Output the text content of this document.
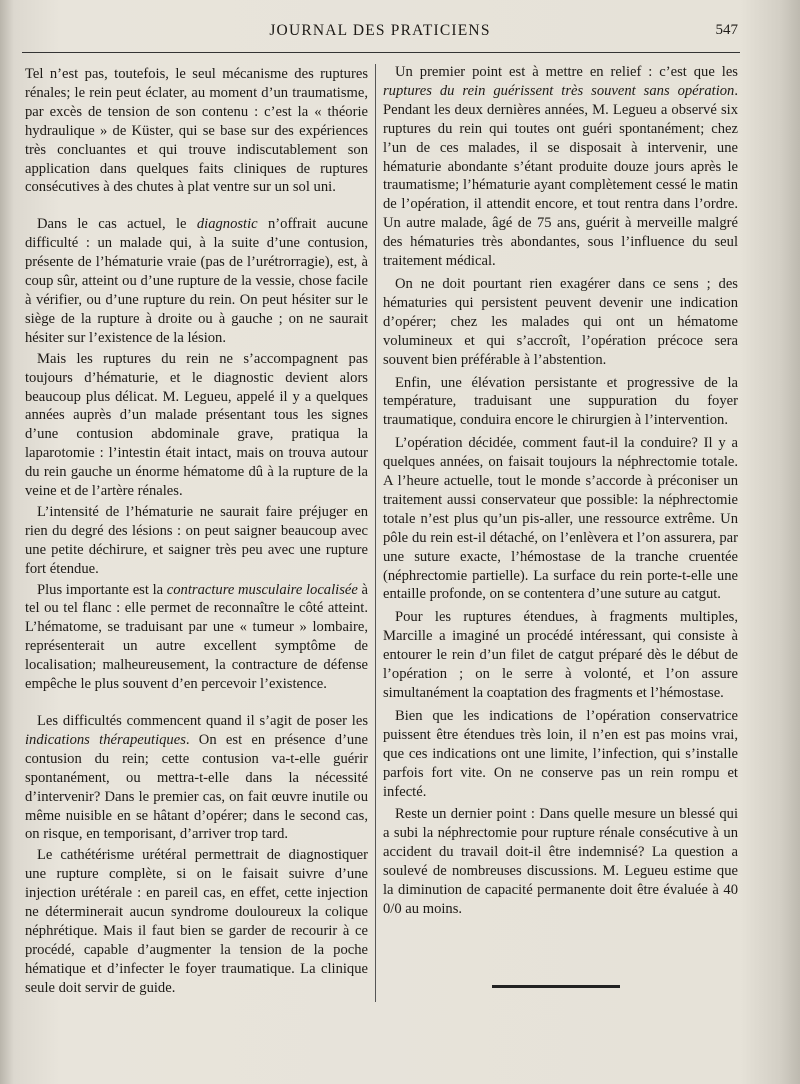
JOURNAL DES PRATICIENS	547

Tel n’est pas, toutefois, le seul mécanisme des ruptures rénales; le rein peut éclater, au moment d’un traumatisme, par excès de tension de son contenu : c’est la « théorie hydraulique » de Küster, qui se base sur des expériences très concluantes et qui trouve indiscutablement son application dans quelques faits cliniques de ruptures consécutives à des chutes à plat ventre sur un sol uni.

Dans le cas actuel, le diagnostic n’offrait aucune difficulté : un malade qui, à la suite d’une contusion, présente de l’hématurie vraie (pas de l’urétrorragie), est, à coup sûr, atteint ou d’une rupture de la vessie, chose facile à vérifier, ou d’une rupture du rein. On peut hésiter sur le siège de la rupture à droite ou à gauche ; on ne saurait hésiter sur l’existence de la lésion.

Mais les ruptures du rein ne s’accompagnent pas toujours d’hématurie, et le diagnostic devient alors beaucoup plus délicat. M. Legueu, appelé il y a quelques années auprès d’un malade présentant tous les signes d’une contusion abdominale grave, pratiqua la laparotomie : l’intestin était intact, mais on trouva autour du rein gauche un énorme hématome dû à la rupture de la veine et de l’artère rénales.

L’intensité de l’hématurie ne saurait faire préjuger en rien du degré des lésions : on peut saigner beaucoup avec une petite déchirure, et saigner très peu avec une rupture fort étendue.

Plus importante est la contracture musculaire localisée à tel ou tel flanc : elle permet de reconnaître le côté atteint. L’hématome, se traduisant par une « tumeur » lombaire, représenterait un autre excellent symptôme de localisation; malheureusement, la contracture de défense empêche le plus souvent d’en percevoir l’existence.

Les difficultés commencent quand il s’agit de poser les indications thérapeutiques. On est en présence d’une contusion du rein; cette contusion va-t-elle guérir spontanément, ou mettra-t-elle dans la nécessité d’intervenir? Dans le premier cas, on fait œuvre inutile ou même nuisible en se hâtant d’opérer; dans le second cas, on risque, en temporisant, d’arriver trop tard.

Le cathétérisme urétéral permettrait de diagnostiquer une rupture complète, si on le faisait suivre d’une injection urétérale : en pareil cas, en effet, cette injection ne déterminerait aucun syndrome douloureux la colique néphrétique. Mais il faut bien se garder de recourir à ce procédé, capable d’augmenter la tension de la poche hématique et d’infecter le foyer traumatique. La clinique seule doit servir de guide.

Un premier point est à mettre en relief : c’est que les ruptures du rein guérissent très souvent sans opération. Pendant les deux dernières années, M. Legueu a observé six ruptures du rein qui toutes ont guéri spontanément; chez l’un de ces malades, il se disposait à intervenir, une hématurie abondante s’étant produite douze jours après le traumatisme; l’hématurie ayant complètement cessé le matin de l’opération, il attendit encore, et tout rentra dans l’ordre. Un autre malade, âgé de 75 ans, guérit à merveille malgré des hématuries très abondantes, sous l’influence du seul traitement médical.

On ne doit pourtant rien exagérer dans ce sens ; des hématuries qui persistent peuvent devenir une indication d’opérer; chez les malades qui ont un hématome volumineux et qui s’accroît, l’opération précoce sera souvent bien préférable à l’abstention.

Enfin, une élévation persistante et progressive de la température, traduisant une suppuration du foyer traumatique, conduira encore le chirurgien à l’intervention.

L’opération décidée, comment faut-il la conduire? Il y a quelques années, on faisait toujours la néphrectomie totale. A l’heure actuelle, tout le monde s’accorde à préconiser un traitement aussi conservateur que possible: la néphrectomie totale n’est plus qu’un pis-aller, une ressource extrême. Un pôle du rein est-il détaché, on l’enlèvera et l’on assurera, par une suture exacte, l’hémostase de la tranche cruentée (néphrectomie partielle). La surface du rein porte-t-elle une entaille profonde, on se contentera d’une suture au catgut.

Pour les ruptures étendues, à fragments multiples, Marcille a imaginé un procédé intéressant, qui consiste à entourer le rein d’un filet de catgut préparé dès le début de l’opération ; on le serre à volonté, et l’on assure simultanément la coaptation des fragments et l’hémostase.

Bien que les indications de l’opération conservatrice puissent être étendues très loin, il n’en est pas moins vrai, que ces indications ont une limite, l’infection, qui s’installe parfois fort vite. On ne conserve pas un rein rompu et infecté.

Reste un dernier point : Dans quelle mesure un blessé qui a subi la néphrectomie pour rupture rénale consécutive à un accident du travail doit-il être indemnisé? La question a soulevé de nombreuses discussions. M. Legueu estime que la diminution de capacité permanente doit être évaluée à 40 0/0 au moins.
